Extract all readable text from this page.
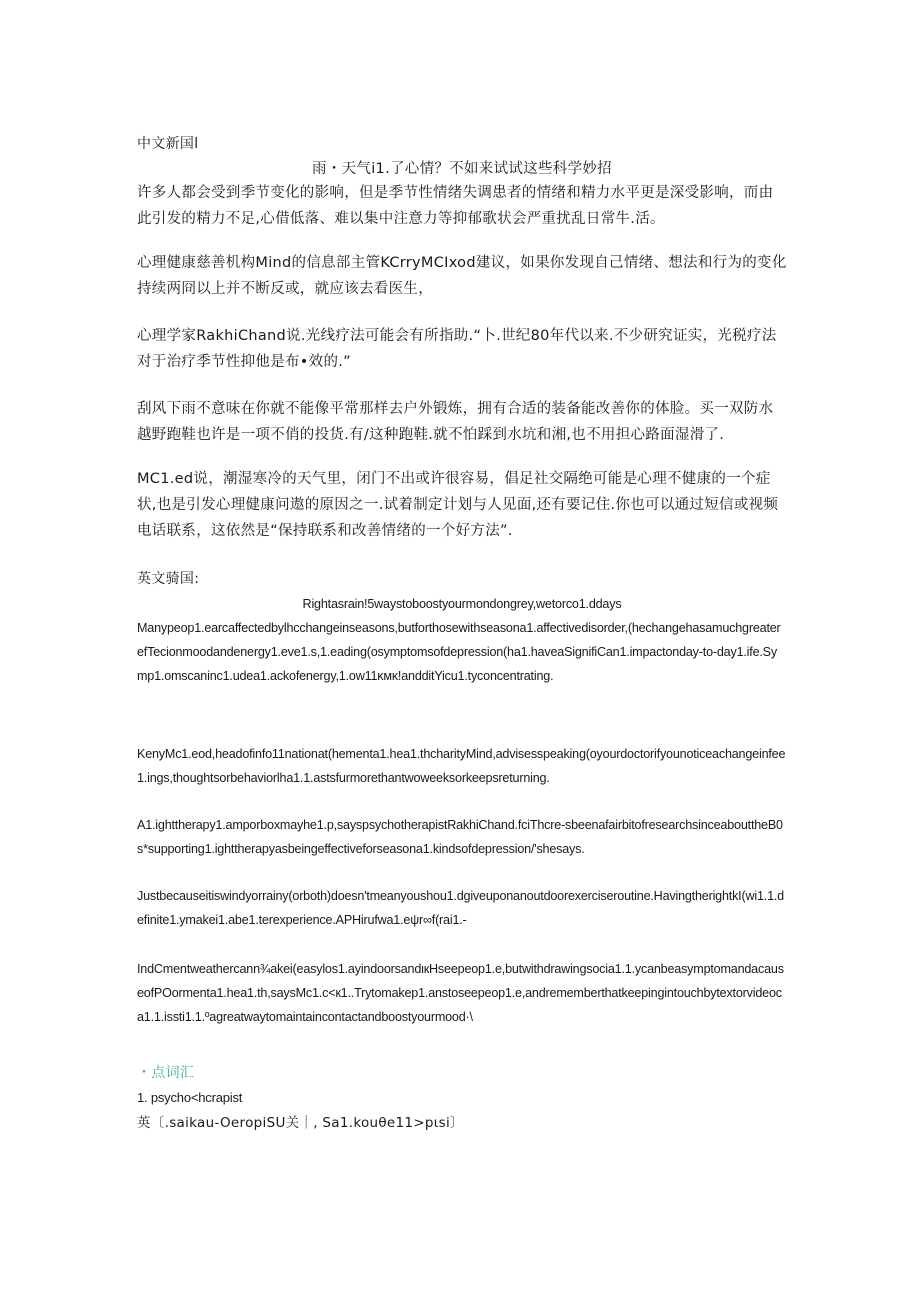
中文新国l

雨・天气i1.了心情？不如来试试这些科学妙招

许多人都会受到季节变化的影响，但是季节性情绪失调患者的情绪和精力水平更是深受影响，而由此引发的精力不足,心借低落、难以集中注意力等抑郁歌状会严重扰乱日常牛.活。

心理健康慈善机构Mind的信息部主管KCrryMCIxod建议，如果你发现自己情绪、想法和行为的变化持续两冏以上并不断反或，就应该去看医生，

心理学家RakhiChand说.光线疗法可能会有所指助.“卜.世纪80年代以来.不少研究证实，光税疗法对于治疗季节性抑他是布•效的.”

刮风下雨不意味在你就不能像平常那样去户外锻炼，拥有合适的装备能改善你的体脸。买一双防水越野跑鞋也许是一项不俏的投货.有/这种跑鞋.就不怕踩到水坑和湘,也不用担心路面湿滑了.

MC1.ed说，潮湿寒冷的天气里，闭门不出或许很容易，倡足社交隔绝可能是心理不健康的一个症状,也是引发心理健康问遨的原因之一.试着制定计划与人见面,还有要记住.你也可以通过短信或视频电话联系，这依然是“保持联系和改善情绪的一个好方法”.

英文骑国:

Rightasrain!5waystoboostyourmondongrey,wetorco1.ddays

Manypeop1.earcaffectedbylhcchangeinseasons,butforthosewithseasona1.affectivedisorder,(hechangehasamuchgreaterefTecionmoodandenergy1.eve1.s,1.eading(osymptomsofdepression(ha1.haveaSignifiCan1.impactonday-to-day1.ife.Symp1.omscaninc1.udea1.ackofenergy,1.ow11κмκ!andditYicu1.tyconcentrating.

KenyMc1.eod,headofinfo11nationat(hementa1.hea1.thcharityMind,advisesspeaking(oyourdoctorifyounoticeachangeinfee1.ings,thoughtsorbehaviorlha1.1.astsfurmorethantwoweeksorkeepsreturning.

A1.ighttherapy1.amporboxmayhe1.p,sayspsychotherapistRakhiChand.fciThcre-sbeenafairbitofresearchsinceabouttheB0s*supporting1.ighttherapyasbeingeffectiveforseasona1.kindsofdepression/'shesays.

Justbecauseitiswindyorrainy(orboth)doesn'tmeanyoushou1.dgiveuponanoutdoorexerciseroutine.HavingtherightkI(wi1.1.definite1.ymakei1.abe1.terexperience.APHirufwa1.eψr∞f(rai1.-

IndCmentweathercann¾akei(easylos1.ayindoorsandιкHseepeop1.e,butwithdrawingsocia1.1.ycanbeasymptomandacauseofPOormenta1.hea1.th,saysMc1.c<к1..Trytomakep1.anstoseepeop1.e,andrememberthatkeepingintouchbytextorvideoca1.1.issti1.1.ºagreatwaytomaintaincontactandboostyourmood·\

・点词汇

1. psycho<hcrapist

英〔.saikau-OeropiSU关｜, Sa1.kouθe11>pιsi〕
